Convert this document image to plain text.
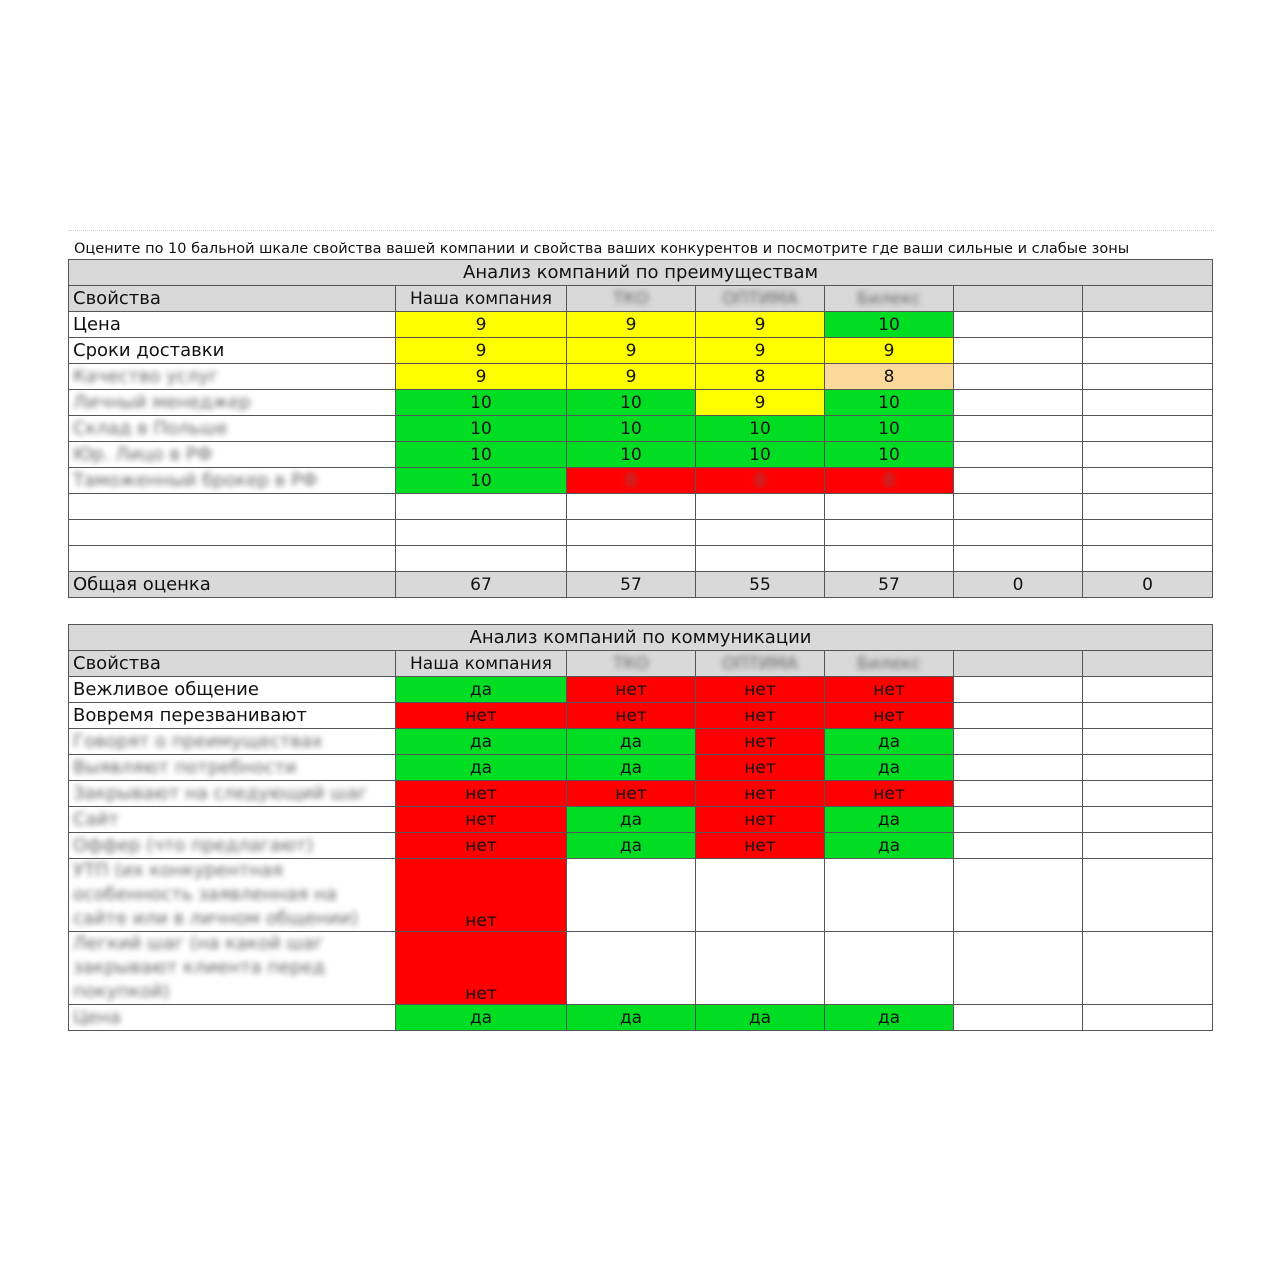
Оцените по 10 бальной шкале свойства вашей компании и свойства ваших конкурентов и посмотрите где ваши сильные и слабые зоны
Анализ компаний по преимуществам						
Свойства	Наша компания	ТКО	ОПТИМА	Билекс		
Цена	9	9	9	10		
Сроки доставки	9	9	9	9		
Качество услуг	9	9	8	8		
Личный менеджер	10	10	9	10		
Склад в Польше	10	10	10	10		
Юр. Лицо в РФ	10	10	10	10		
Таможенный брокер в РФ	10	0	0	0		

Общая оценка	67	57	55	57	0	0
Анализ компаний по коммуникации						
Свойства	Наша компания	ТКО	ОПТИМА	Билекс		
Вежливое общение	да	нет	нет	нет		
Вовремя перезванивают	нет	нет	нет	нет		
Говорят о преимуществах	да	да	нет	да		
Выявляют потребности	да	да	нет	да		
Закрывают на следующий шаг	нет	нет	нет	нет		
Сайт	нет	да	нет	да		
Оффер (что предлагают)	нет	да	нет	да		
УТП (их конкурентная особенность заявленная на сайте или в личном общении)	нет					
Легкий шаг (на какой шаг закрывают клиента перед покупкой)	нет					
Цена	да	да	да	да		
